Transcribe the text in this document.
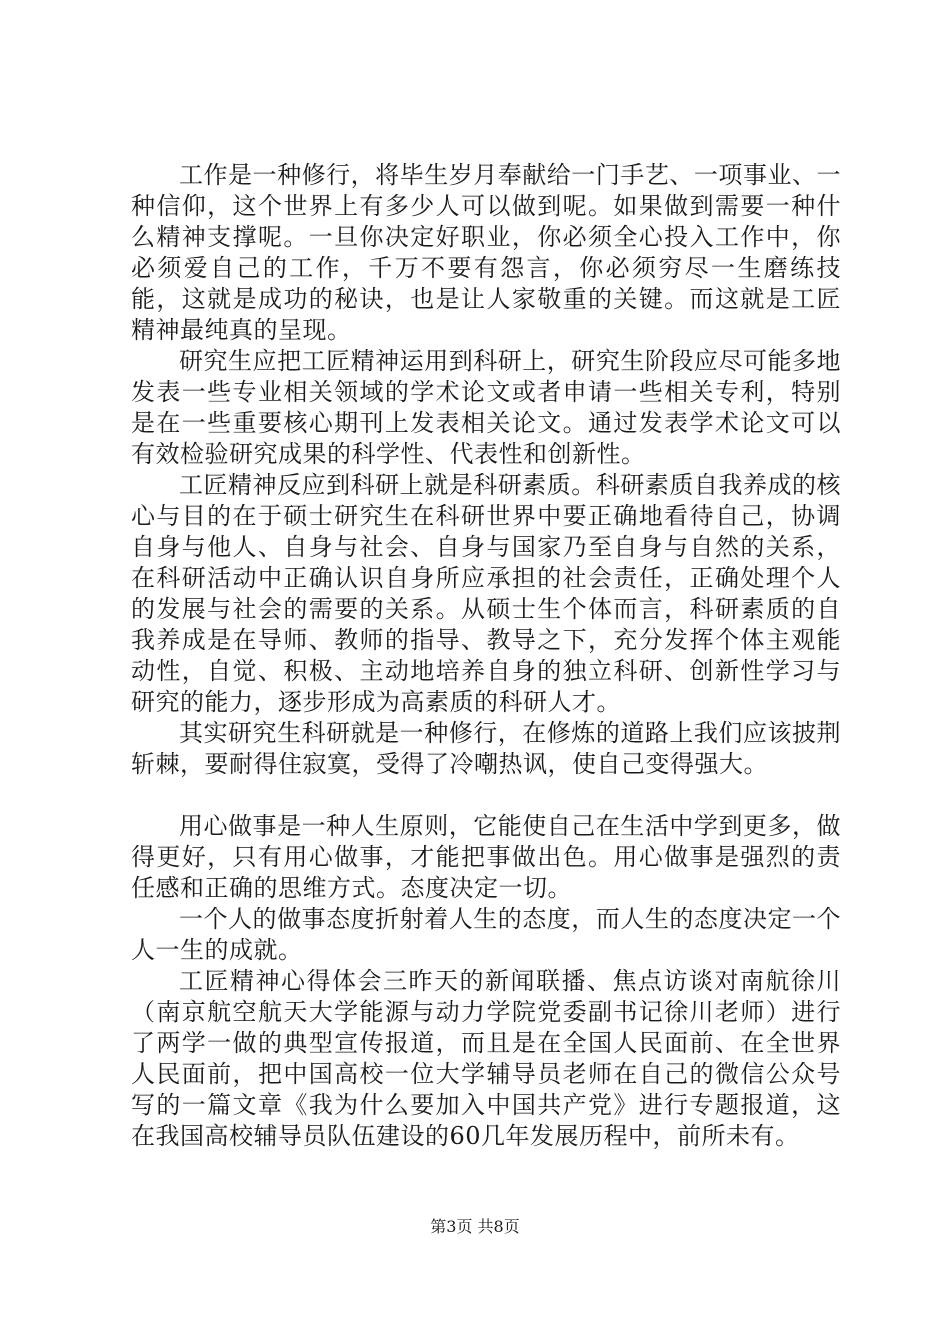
工作是一种修行，将毕生岁月奉献给一门手艺、一项事业、一种信仰，这个世界上有多少人可以做到呢。如果做到需要一种什么精神支撑呢。一旦你决定好职业，你必须全心投入工作中，你必须爱自己的工作，千万不要有怨言，你必须穷尽一生磨练技能，这就是成功的秘诀，也是让人家敬重的关键。而这就是工匠精神最纯真的呈现。

研究生应把工匠精神运用到科研上，研究生阶段应尽可能多地发表一些专业相关领域的学术论文或者申请一些相关专利，特别是在一些重要核心期刊上发表相关论文。通过发表学术论文可以有效检验研究成果的科学性、代表性和创新性。

工匠精神反应到科研上就是科研素质。科研素质自我养成的核心与目的在于硕士研究生在科研世界中要正确地看待自己，协调自身与他人、自身与社会、自身与国家乃至自身与自然的关系，在科研活动中正确认识自身所应承担的社会责任，正确处理个人的发展与社会的需要的关系。从硕士生个体而言，科研素质的自我养成是在导师、教师的指导、教导之下，充分发挥个体主观能动性，自觉、积极、主动地培养自身的独立科研、创新性学习与研究的能力，逐步形成为高素质的科研人才。

其实研究生科研就是一种修行，在修炼的道路上我们应该披荆斩棘，要耐得住寂寞，受得了冷嘲热讽，使自己变得强大。

用心做事是一种人生原则，它能使自己在生活中学到更多，做得更好，只有用心做事，才能把事做出色。用心做事是强烈的责任感和正确的思维方式。态度决定一切。

一个人的做事态度折射着人生的态度，而人生的态度决定一个人一生的成就。

工匠精神心得体会三昨天的新闻联播、焦点访谈对南航徐川（南京航空航天大学能源与动力学院党委副书记徐川老师）进行了两学一做的典型宣传报道，而且是在全国人民面前、在全世界人民面前，把中国高校一位大学辅导员老师在自己的微信公众号写的一篇文章《我为什么要加入中国共产党》进行专题报道，这在我国高校辅导员队伍建设的60几年发展历程中，前所未有。

第3页 共8页
